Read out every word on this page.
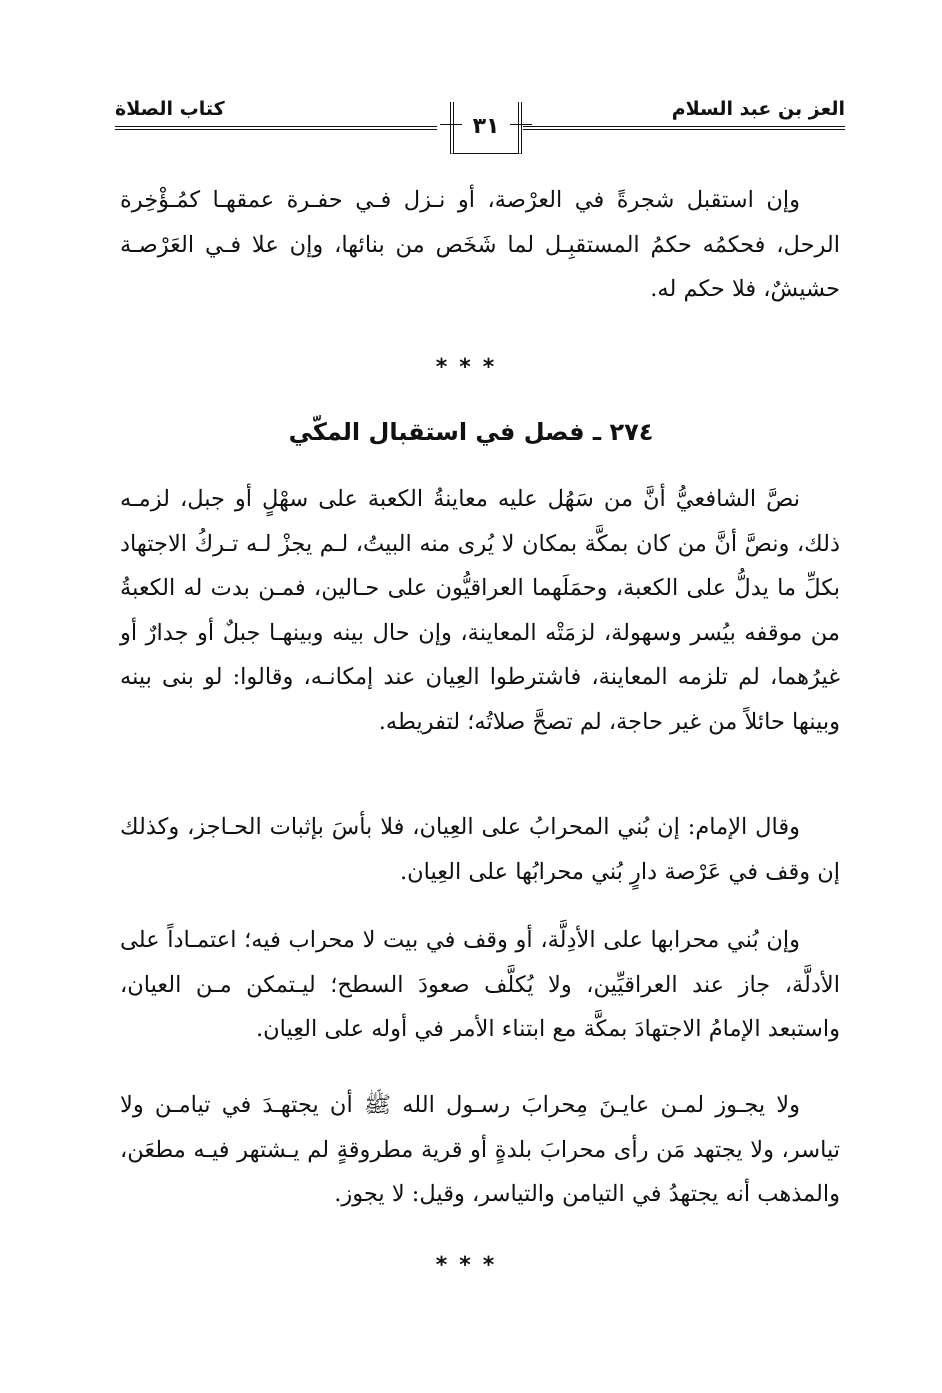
العز بن عبد السلام
كتاب الصلاة
٣١

وإن استقبل شجرةً في العرْصة، أو نـزل فـي حفـرة عمقهـا كمُـؤْخِرة الرحل، فحكمُه حكمُ المستقبِـل لما شَخَص من بنائها، وإن علا فـي العَرْصـة حشيشٌ، فلا حكم له.

***
٢٧٤ ـ فصل في استقبال المكّي

نصَّ الشافعيُّ أنَّ من سَهُل عليه معاينةُ الكعبة على سهْلٍ أو جبل، لزمـه ذلك، ونصَّ أنَّ من كان بمكَّة بمكان لا يُرى منه البيتُ، لـم يجزْ لـه تـركُ الاجتهاد بكلِّ ما يدلُّ على الكعبة، وحمَلَهما العراقيُّون على حـالين، فمـن بدت له الكعبةُ من موقفه بيُسر وسهولة، لزمَتْه المعاينة، وإن حال بينه وبينهـا جبلٌ أو جدارٌ أو غيرُهما، لم تلزمه المعاينة، فاشترطوا العِيان عند إمكانـه، وقالوا: لو بنى بينه وبينها حائلاً من غير حاجة، لم تصحَّ صلاتُه؛ لتفريطه.

وقال الإمام: إن بُني المحرابُ على العِيان، فلا بأسَ بإثبات الحـاجز، وكذلك إن وقف في عَرْصة دارٍ بُني محرابُها على العِيان.

وإن بُني محرابها على الأدِلَّة، أو وقف في بيت لا محراب فيه؛ اعتمـاداً على الأدلَّة، جاز عند العراقيِّين، ولا يُكلَّف صعودَ السطح؛ ليـتمكن مـن العيان، واستبعد الإمامُ الاجتهادَ بمكَّة مع ابتناء الأمر في أوله على العِيان.

ولا يجـوز لمـن عايـنَ مِحرابَ رسـول الله ﷺ أن يجتهـدَ في تيامـن ولا تياسر، ولا يجتهد مَن رأى محرابَ بلدةٍ أو قرية مطروقةٍ لم يـشتهر فيـه مطعَن، والمذهب أنه يجتهدُ في التيامن والتياسر، وقيل: لا يجوز.

***
